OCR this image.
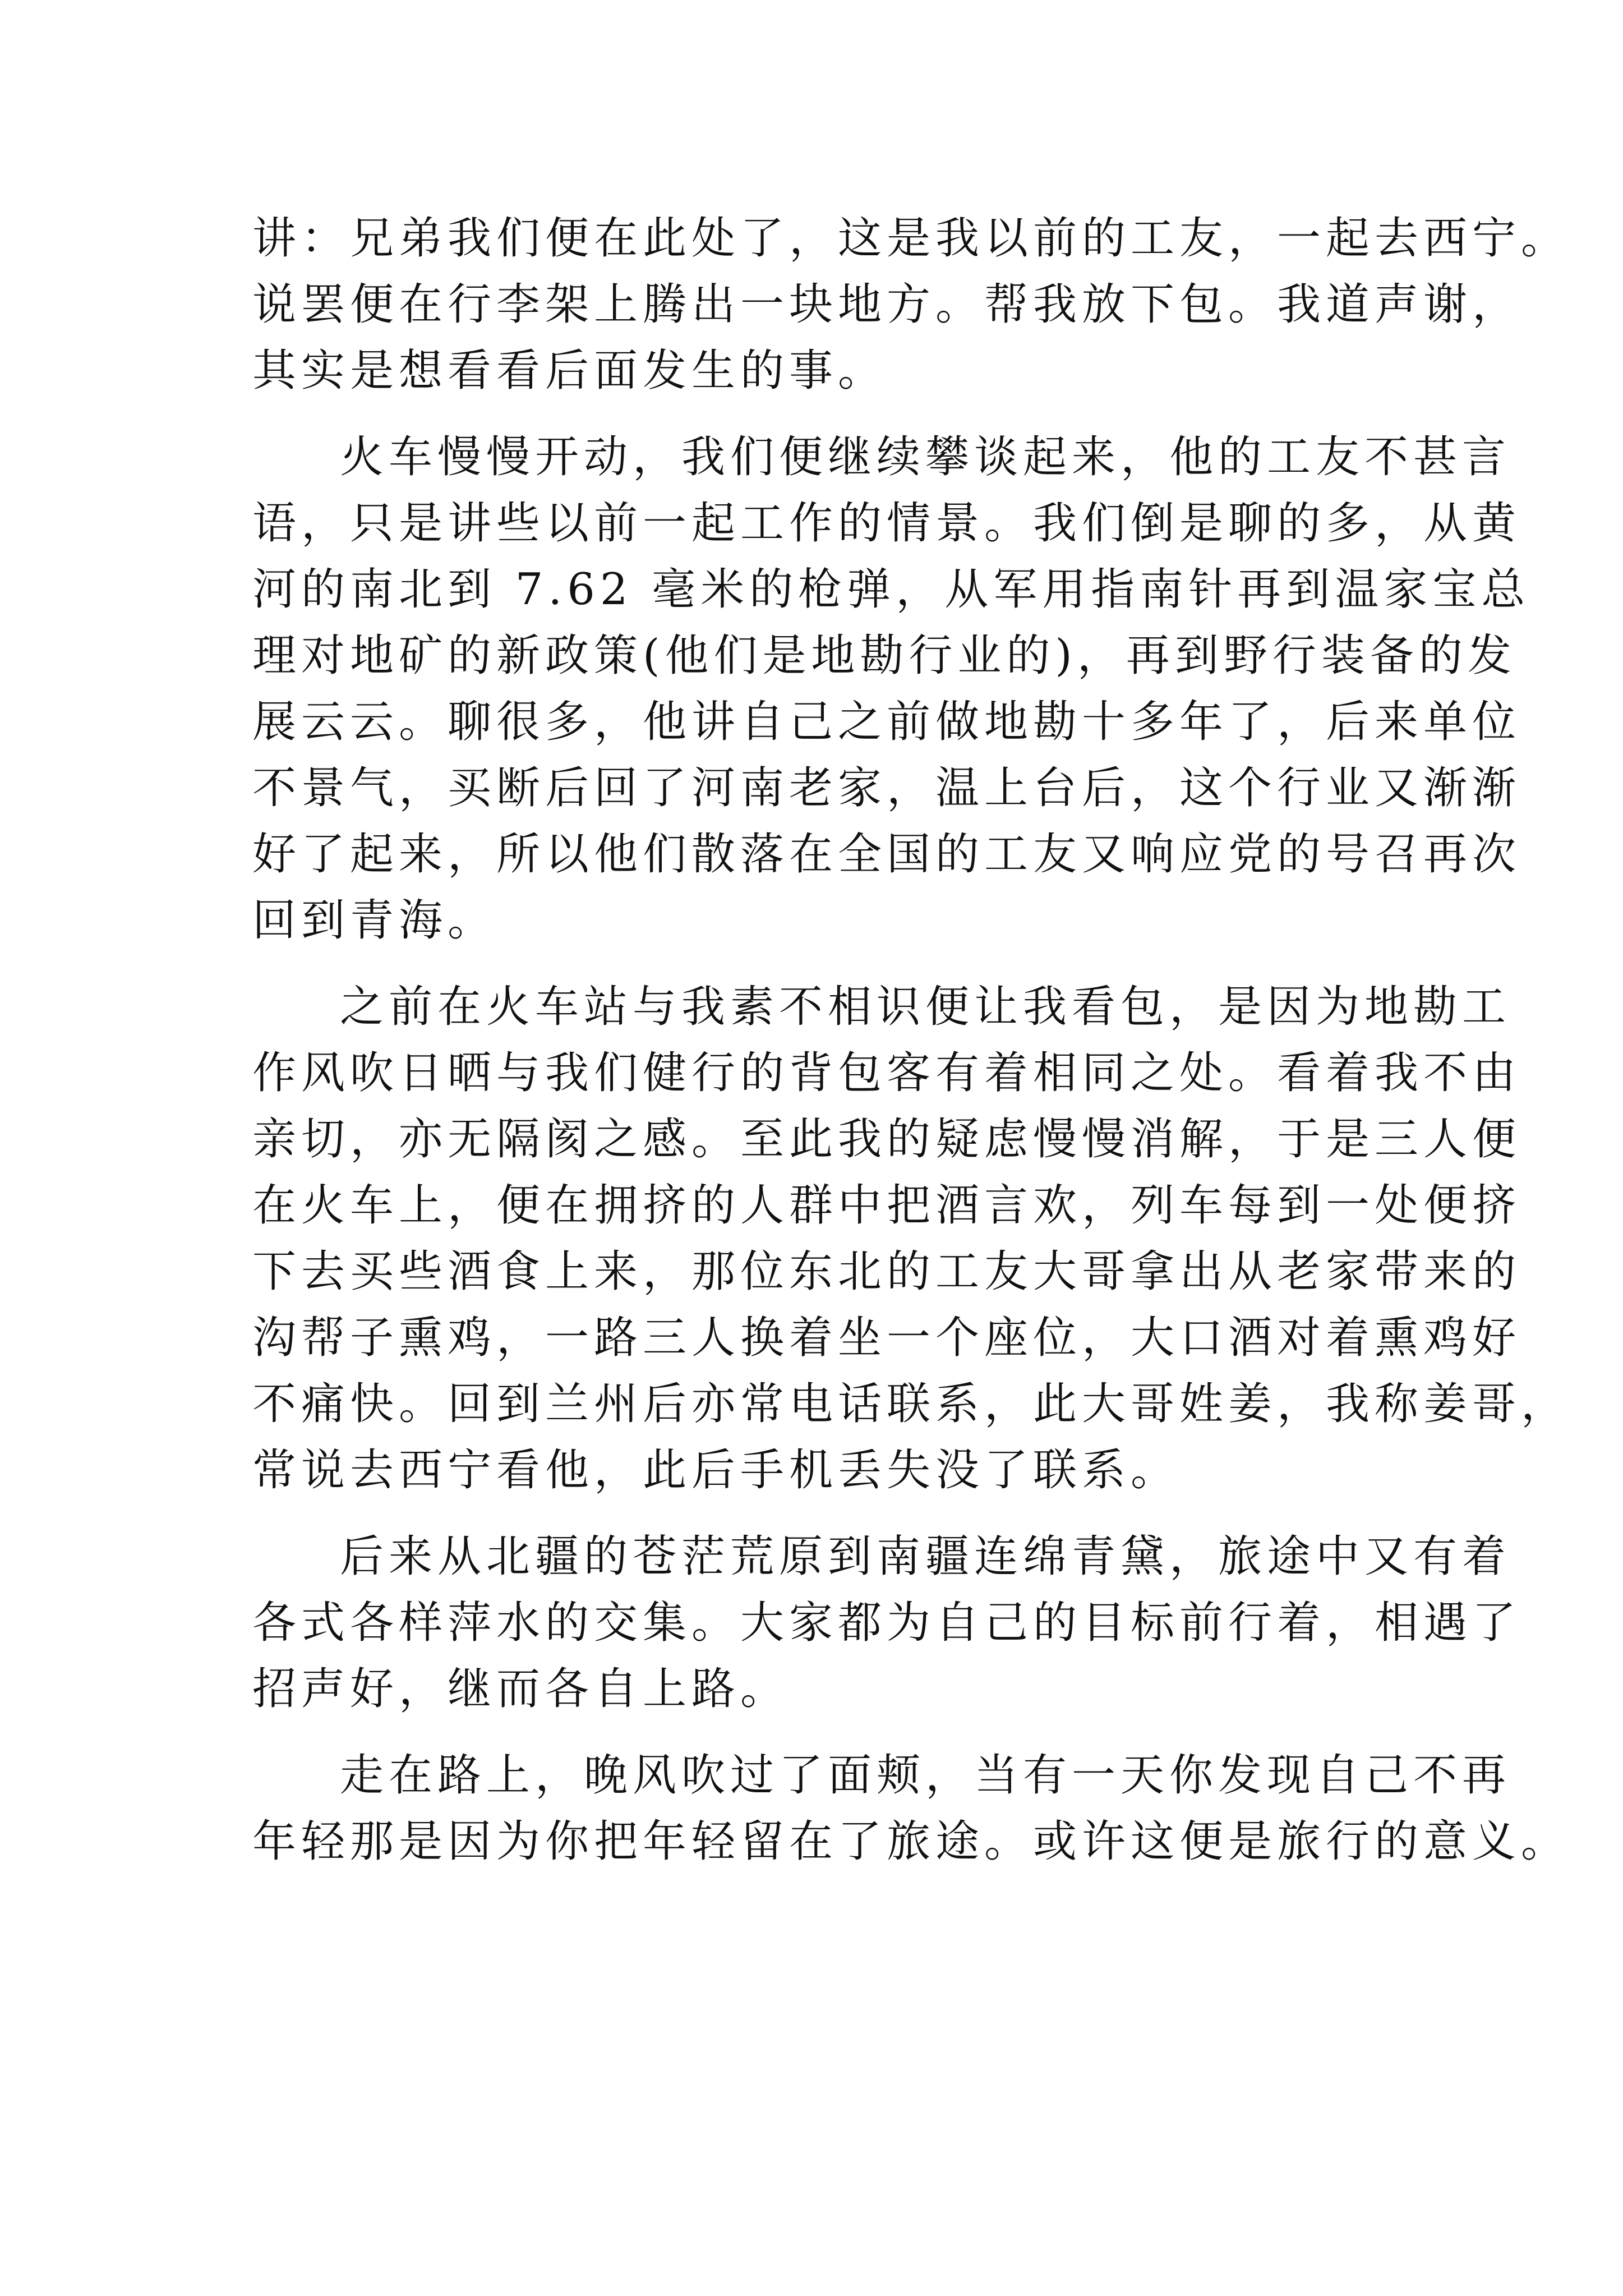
讲：兄弟我们便在此处了，这是我以前的工友，一起去西宁。
说罢便在行李架上腾出一块地方。帮我放下包。我道声谢，
其实是想看看后面发生的事。

火车慢慢开动，我们便继续攀谈起来，他的工友不甚言
语，只是讲些以前一起工作的情景。我们倒是聊的多，从黄
河的南北到 7.62 毫米的枪弹，从军用指南针再到温家宝总
理对地矿的新政策(他们是地勘行业的)，再到野行装备的发
展云云。聊很多，他讲自己之前做地勘十多年了，后来单位
不景气，买断后回了河南老家，温上台后，这个行业又渐渐
好了起来，所以他们散落在全国的工友又响应党的号召再次
回到青海。

之前在火车站与我素不相识便让我看包，是因为地勘工
作风吹日晒与我们健行的背包客有着相同之处。看着我不由
亲切，亦无隔阂之感。至此我的疑虑慢慢消解，于是三人便
在火车上，便在拥挤的人群中把酒言欢，列车每到一处便挤
下去买些酒食上来，那位东北的工友大哥拿出从老家带来的
沟帮子熏鸡，一路三人换着坐一个座位，大口酒对着熏鸡好
不痛快。回到兰州后亦常电话联系，此大哥姓姜，我称姜哥，
常说去西宁看他，此后手机丢失没了联系。

后来从北疆的苍茫荒原到南疆连绵青黛，旅途中又有着
各式各样萍水的交集。大家都为自己的目标前行着，相遇了
招声好，继而各自上路。

走在路上，晚风吹过了面颊，当有一天你发现自己不再
年轻那是因为你把年轻留在了旅途。或许这便是旅行的意义。
